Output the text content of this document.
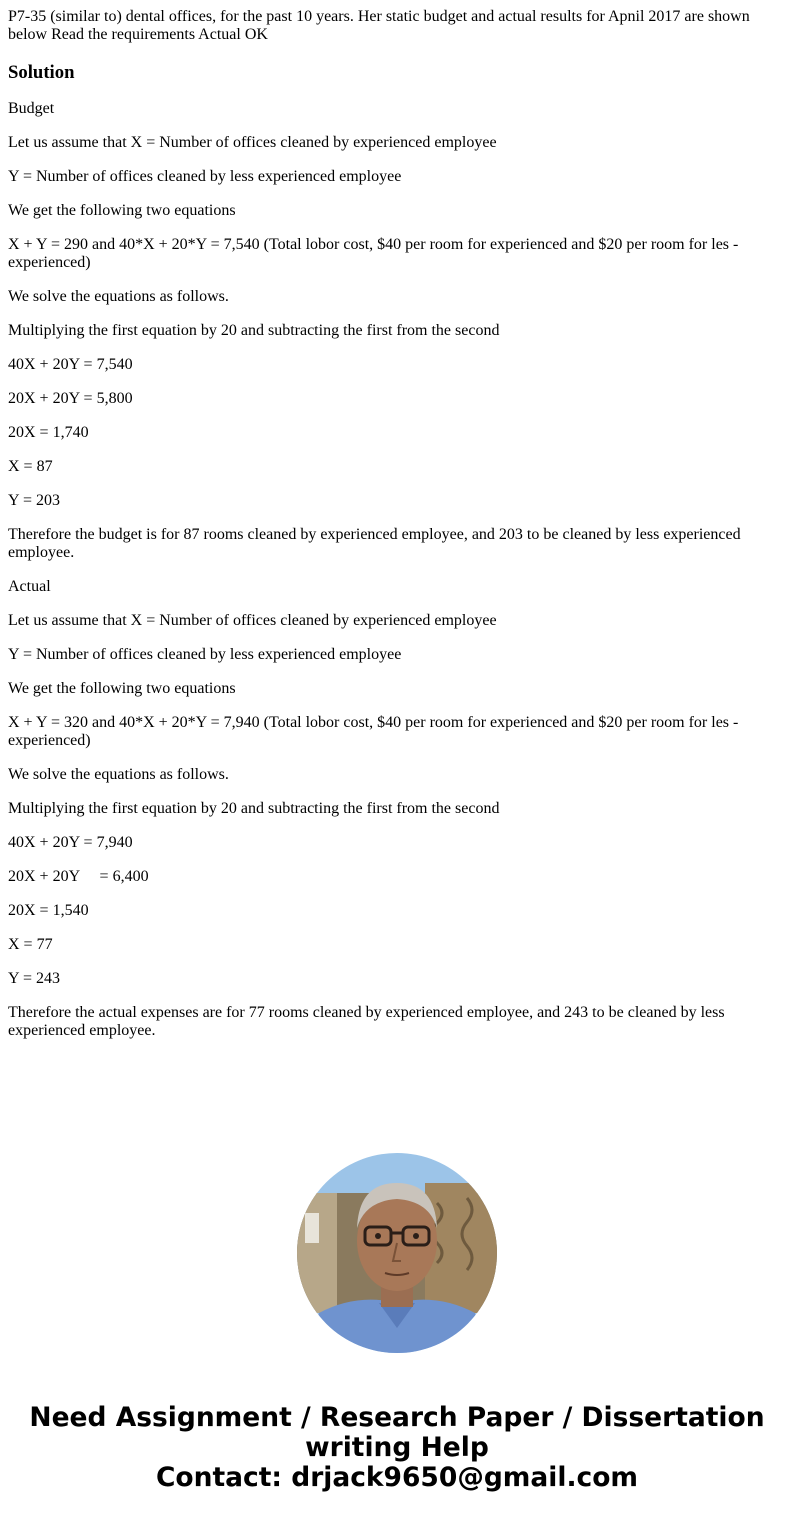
P7-35 (similar to) dental offices, for the past 10 years. Her static budget and actual results for Apnil 2017 are shown below Read the requirements Actual OK

Solution

Budget

Let us assume that X = Number of offices cleaned by experienced employee

Y = Number of offices cleaned by less experienced employee

We get the following two equations

X + Y = 290 and 40*X + 20*Y = 7,540 (Total lobor cost, $40 per room for experienced and $20 per room for les - experienced)

We solve the equations as follows.

Multiplying the first equation by 20 and subtracting the first from the second

40X + 20Y = 7,540

20X + 20Y = 5,800

20X = 1,740

X = 87

Y = 203

Therefore the budget is for 87 rooms cleaned by experienced employee, and 203 to be cleaned by less experienced employee.

Actual

Let us assume that X = Number of offices cleaned by experienced employee

Y = Number of offices cleaned by less experienced employee

We get the following two equations

X + Y = 320 and 40*X + 20*Y = 7,940 (Total lobor cost, $40 per room for experienced and $20 per room for les - experienced)

We solve the equations as follows.

Multiplying the first equation by 20 and subtracting the first from the second

40X + 20Y = 7,940

20X + 20Y     = 6,400

20X = 1,540

X = 77

Y = 243

Therefore the actual expenses are for 77 rooms cleaned by experienced employee, and 243 to be cleaned by less experienced employee.

Need Assignment / Research Paper / Dissertation
writing Help
Contact: drjack9650@gmail.com
